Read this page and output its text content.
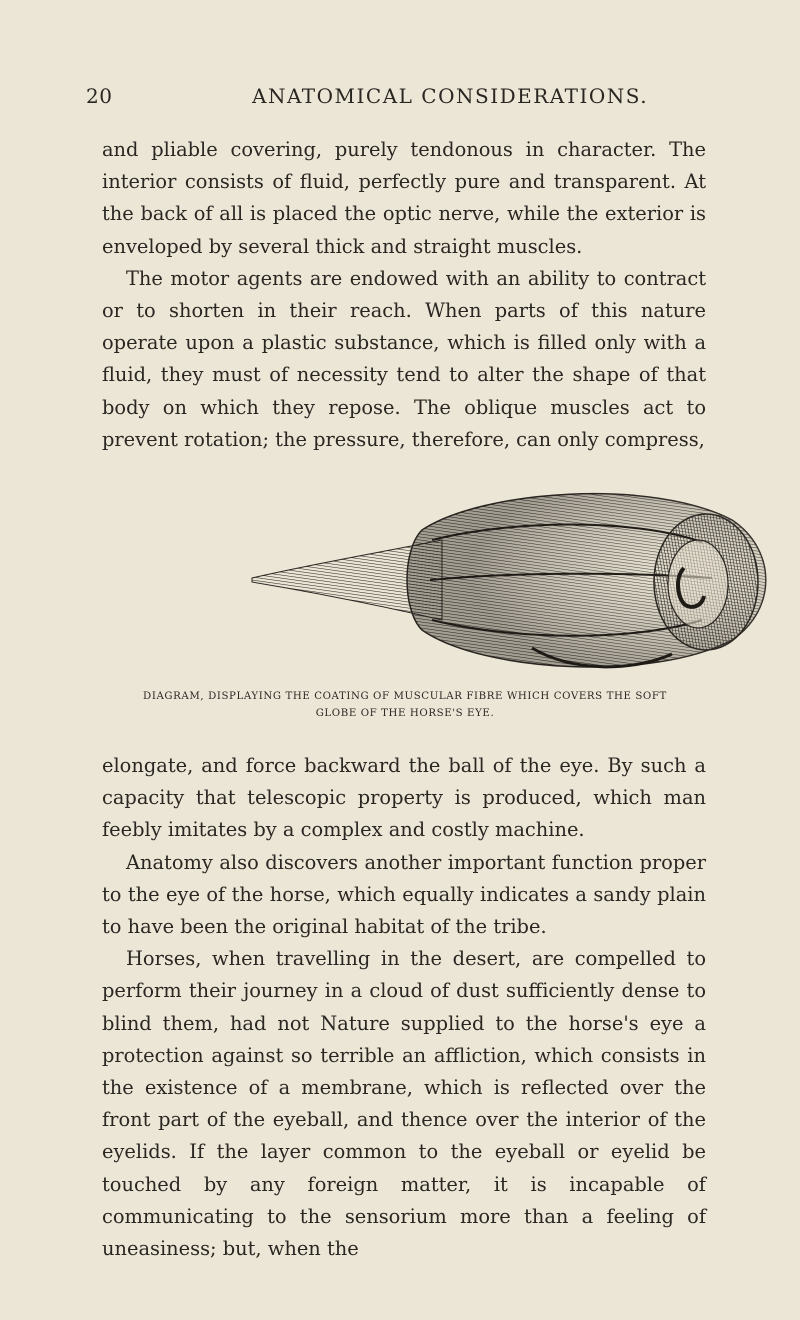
20	ANATOMICAL CONSIDERATIONS.

and pliable covering, purely tendonous in character. The interior consists of fluid, perfectly pure and transparent. At the back of all is placed the optic nerve, while the exterior is enveloped by several thick and straight muscles.

The motor agents are endowed with an ability to contract or to shorten in their reach. When parts of this nature operate upon a plastic substance, which is filled only with a fluid, they must of necessity tend to alter the shape of that body on which they repose. The oblique muscles act to prevent rotation; the pressure, therefore, can only compress,

DIAGRAM, DISPLAYING THE COATING OF MUSCULAR FIBRE WHICH COVERS THE SOFT
GLOBE OF THE HORSE'S EYE.

elongate, and force backward the ball of the eye. By such a capacity that telescopic property is produced, which man feebly imitates by a complex and costly machine.

Anatomy also discovers another important function proper to the eye of the horse, which equally indicates a sandy plain to have been the original habitat of the tribe.

Horses, when travelling in the desert, are compelled to perform their journey in a cloud of dust sufficiently dense to blind them, had not Nature supplied to the horse's eye a protection against so terrible an affliction, which consists in the existence of a membrane, which is reflected over the front part of the eyeball, and thence over the interior of the eyelids. If the layer common to the eyeball or eyelid be touched by any foreign matter, it is incapable of communicating to the sensorium more than a feeling of uneasiness; but, when the
